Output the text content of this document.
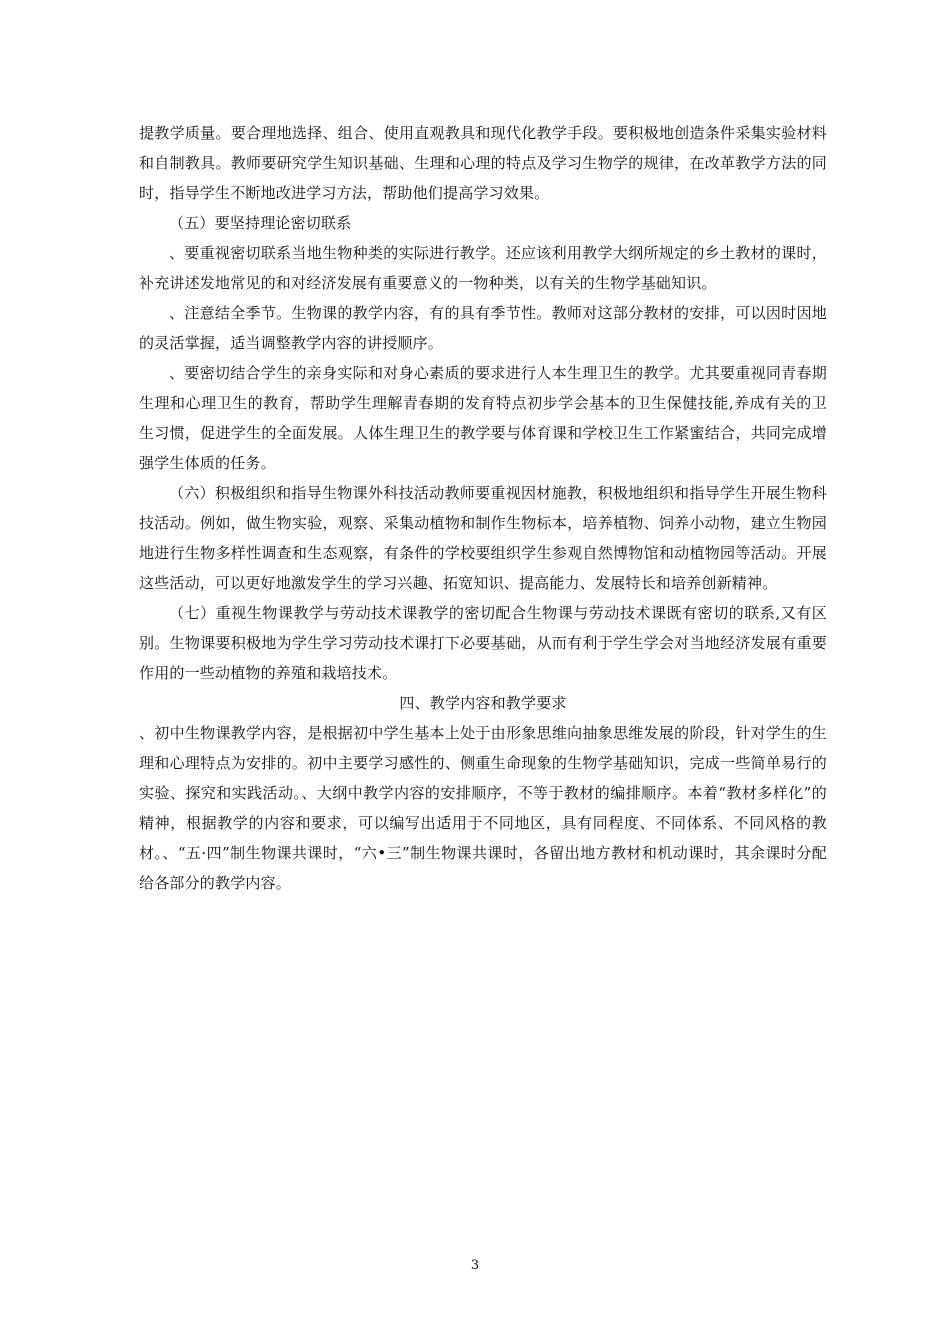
提教学质量。要合理地选择、组合、使用直观教具和现代化教学手段。要积极地创造条件采集实验材料和自制教具。教师要研究学生知识基础、生理和心理的特点及学习生物学的规律，在改革教学方法的同时，指导学生不断地改进学习方法，帮助他们提高学习效果。

（五）要坚持理论密切联系

、要重视密切联系当地生物种类的实际进行教学。还应该利用教学大纲所规定的乡土教材的课时，补充讲述发地常见的和对经济发展有重要意义的一物种类，以有关的生物学基础知识。

、注意结全季节。生物课的教学内容，有的具有季节性。教师对这部分教材的安排，可以因时因地的灵活掌握，适当调整教学内容的讲授顺序。

、要密切结合学生的亲身实际和对身心素质的要求进行人本生理卫生的教学。尤其要重视同青春期生理和心理卫生的教育，帮助学生理解青春期的发育特点初步学会基本的卫生保健技能,养成有关的卫生习惯，促进学生的全面发展。人体生理卫生的教学要与体育课和学校卫生工作紧蜜结合，共同完成增强学生体质的任务。

（六）积极组织和指导生物课外科技活动教师要重视因材施教，积极地组织和指导学生开展生物科技活动。例如，做生物实验，观察、采集动植物和制作生物标本，培养植物、饲养小动物，建立生物园地进行生物多样性调查和生态观察，有条件的学校要组织学生参观自然博物馆和动植物园等活动。开展这些活动，可以更好地激发学生的学习兴趣、拓宽知识、提高能力、发展特长和培养创新精神。

（七）重视生物课教学与劳动技术课教学的密切配合生物课与劳动技术课既有密切的联系,又有区别。生物课要积极地为学生学习劳动技术课打下必要基础，从而有利于学生学会对当地经济发展有重要作用的一些动植物的养殖和栽培技术。

四、教学内容和教学要求

、初中生物课教学内容，是根据初中学生基本上处于由形象思维向抽象思维发展的阶段，针对学生的生理和心理特点为安排的。初中主要学习感性的、侧重生命现象的生物学基础知识，完成一些简单易行的实验、探究和实践活动。、大纲中教学内容的安排顺序，不等于教材的编排顺序。本着“教材多样化”的精神，根据教学的内容和要求，可以编写出适用于不同地区，具有同程度、不同体系、不同风格的教材。、“五·四”制生物课共课时，“六•三”制生物课共课时，各留出地方教材和机动课时，其余课时分配给各部分的教学内容。

3
